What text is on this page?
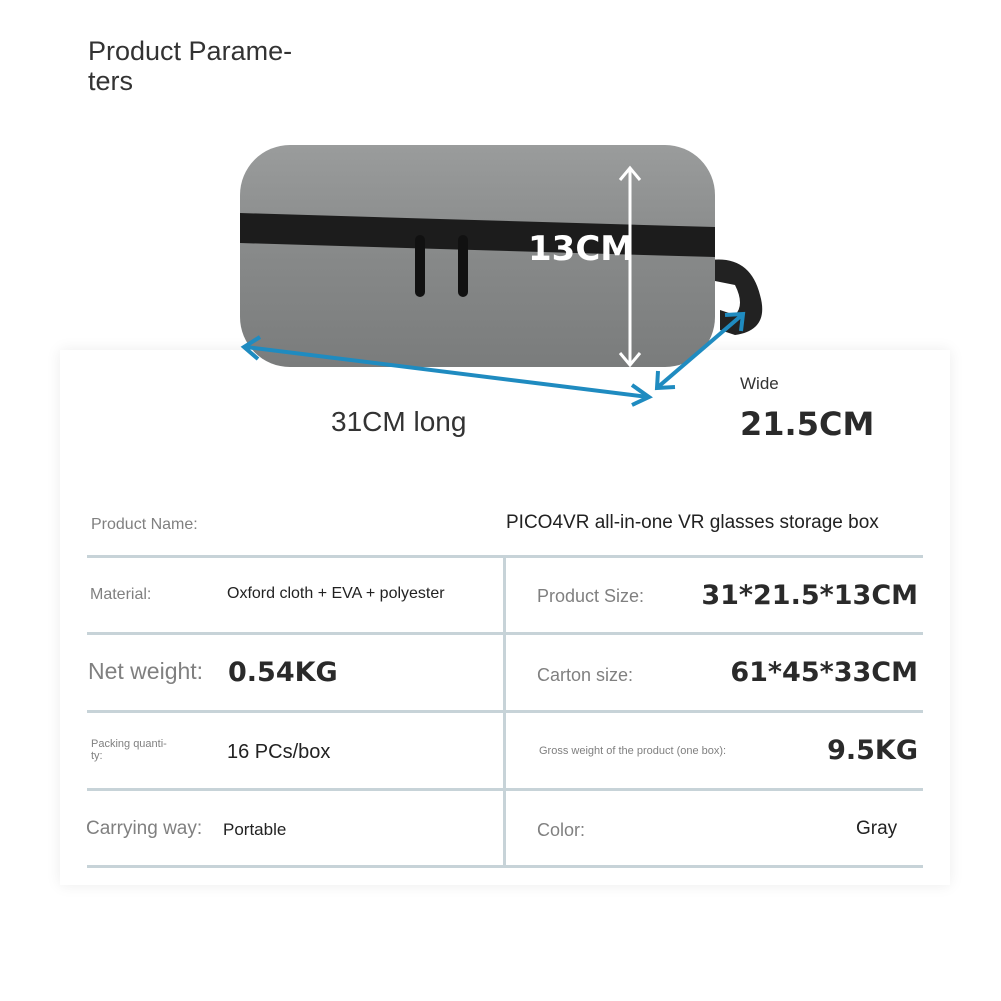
Product Parame-
ters
13CM
31CM long
Wide
21.5CM
Product Name:	PICO4VR all-in-one VR glasses storage box
Material:	Oxford cloth + EVA + polyester	Product Size: 31*21.5*13CM
Net weight: 0.54KG	Carton size:	61*45*33CM
Packing quanti-
ty:	16 PCs/box	Gross weight of the product (one box):	9.5KG
Carrying way: Portable	Color:	Gray
